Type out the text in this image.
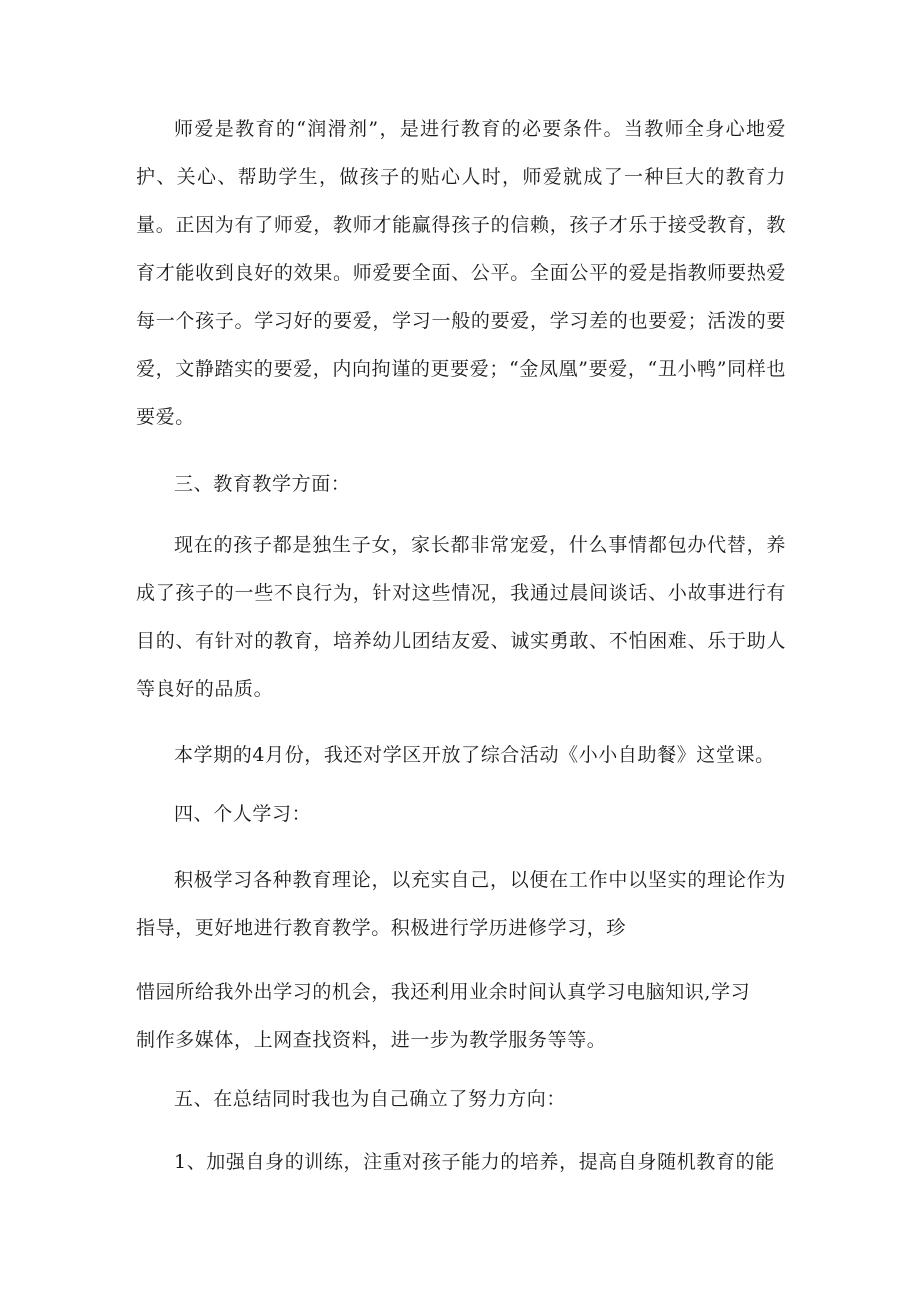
师爱是教育的“润滑剂”，是进行教育的必要条件。当教师全身心地爱护、关心、帮助学生，做孩子的贴心人时，师爱就成了一种巨大的教育力量。正因为有了师爱，教师才能赢得孩子的信赖，孩子才乐于接受教育，教育才能收到良好的效果。师爱要全面、公平。全面公平的爱是指教师要热爱每一个孩子。学习好的要爱，学习一般的要爱，学习差的也要爱；活泼的要爱，文静踏实的要爱，内向拘谨的更要爱；“金凤凰”要爱，“丑小鸭”同样也要爱。

三、教育教学方面：

现在的孩子都是独生子女，家长都非常宠爱，什么事情都包办代替，养成了孩子的一些不良行为，针对这些情况，我通过晨间谈话、小故事进行有目的、有针对的教育，培养幼儿团结友爱、诚实勇敢、不怕困难、乐于助人等良好的品质。

本学期的4月份，我还对学区开放了综合活动《小小自助餐》这堂课。

四、个人学习：

积极学习各种教育理论，以充实自己，以便在工作中以坚实的理论作为指导，更好地进行教育教学。积极进行学历进修学习，珍

惜园所给我外出学习的机会，我还利用业余时间认真学习电脑知识,学习
制作多媒体，上网查找资料，进一步为教学服务等等。

五、在总结同时我也为自己确立了努力方向：

1、加强自身的训练，注重对孩子能力的培养，提高自身随机教育的能
